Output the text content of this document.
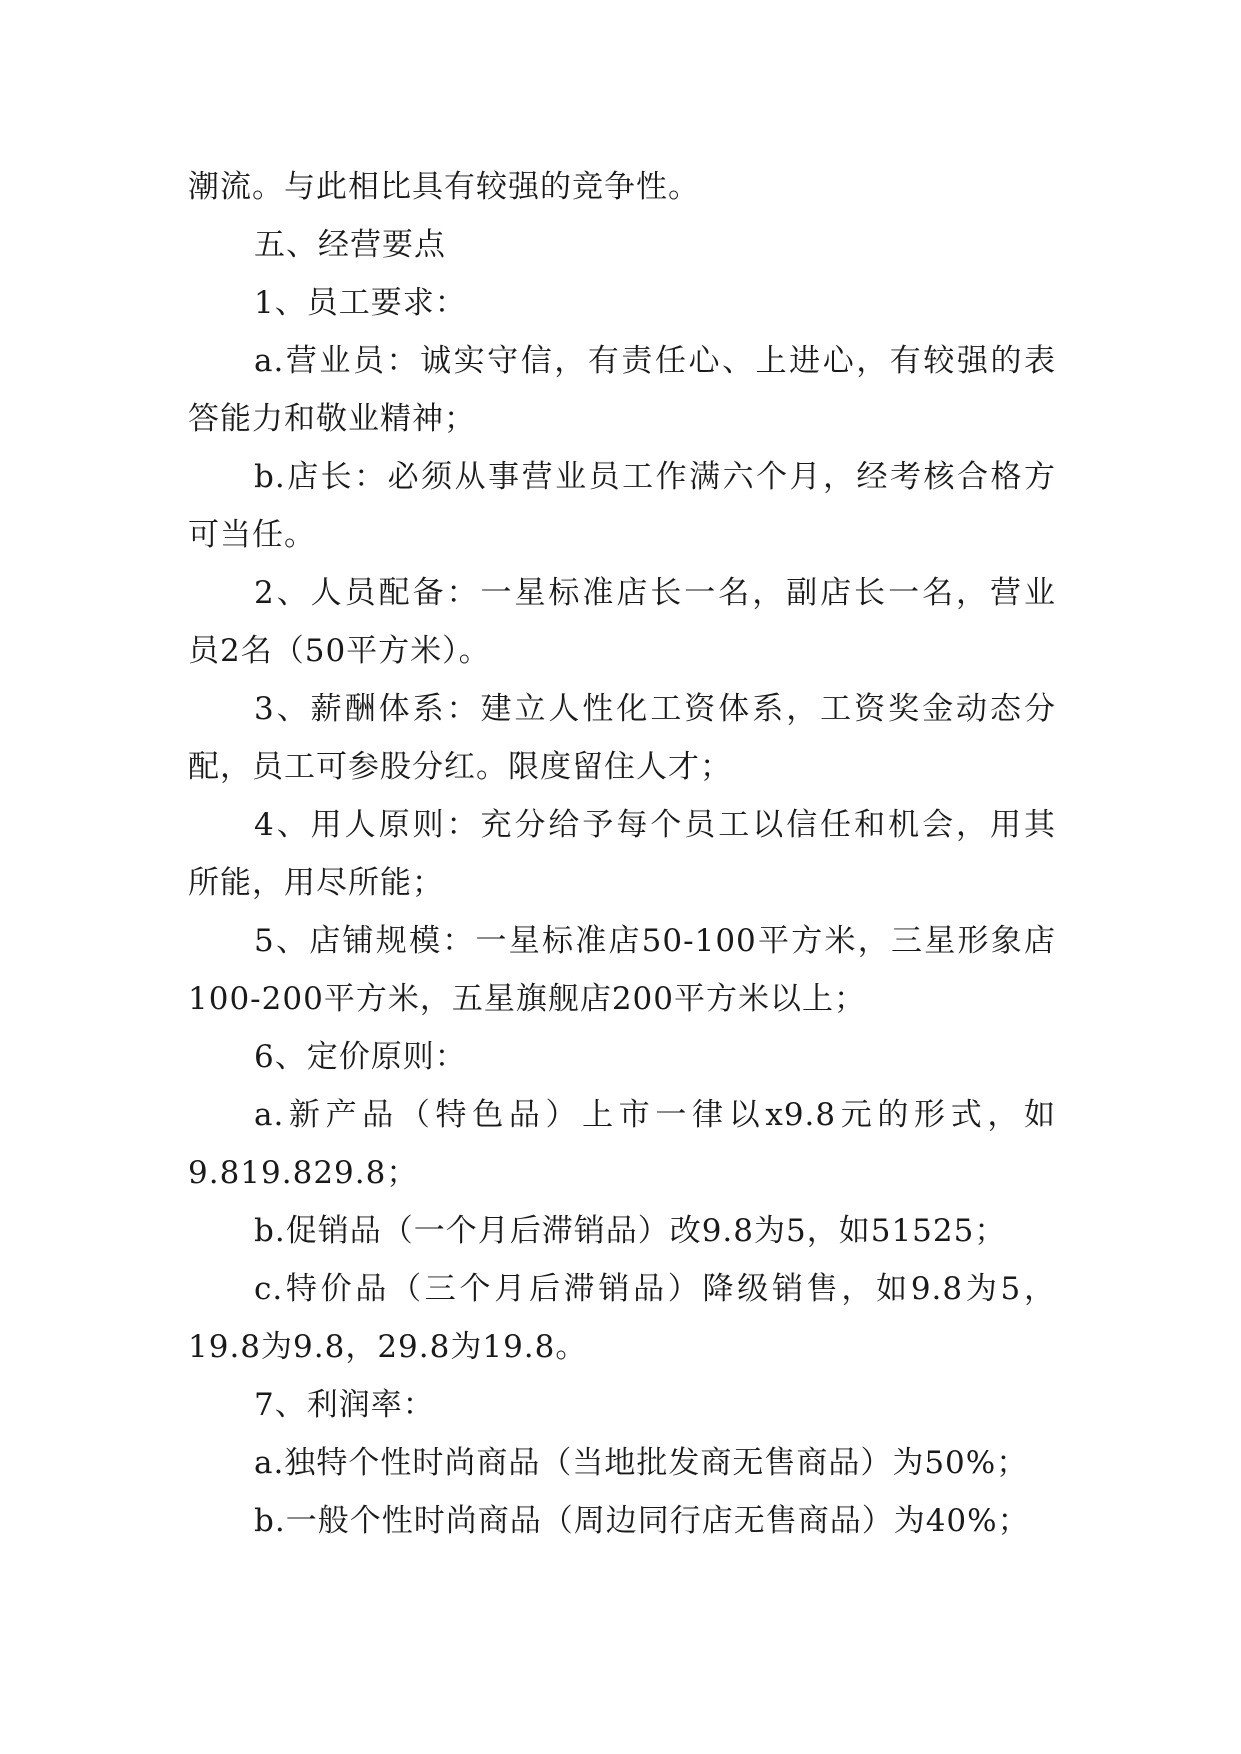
潮流。与此相比具有较强的竞争性。
五、经营要点
1、员工要求：
a.营业员：诚实守信，有责任心、上进心，有较强的表
答能力和敬业精神；
b.店长：必须从事营业员工作满六个月，经考核合格方
可当任。
2、人员配备：一星标准店长一名，副店长一名，营业
员2名（50平方米）。
3、薪酬体系：建立人性化工资体系，工资奖金动态分
配，员工可参股分红。限度留住人才；
4、用人原则：充分给予每个员工以信任和机会，用其
所能，用尽所能；
5、店铺规模：一星标准店50-100平方米，三星形象店
100-200平方米，五星旗舰店200平方米以上；
6、定价原则：
a.新产品（特色品）上市一律以x9.8元的形式，如
9.819.829.8；
b.促销品（一个月后滞销品）改9.8为5，如51525；
c.特价品（三个月后滞销品）降级销售，如9.8为5，
19.8为9.8，29.8为19.8。
7、利润率：
a.独特个性时尚商品（当地批发商无售商品）为50%；
b.一般个性时尚商品（周边同行店无售商品）为40%；
